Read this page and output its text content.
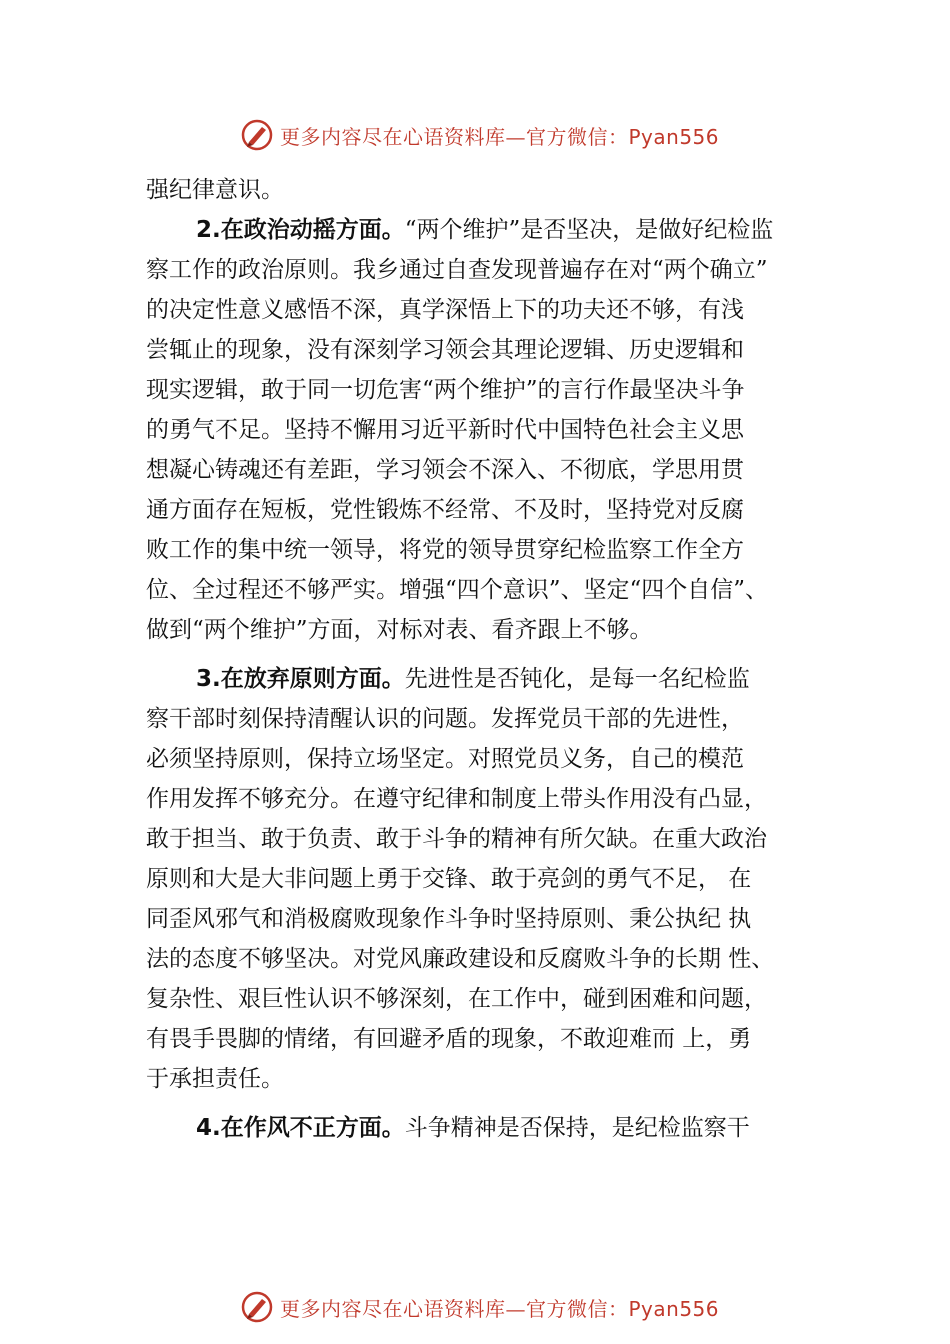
更多内容尽在心语资料库—官方微信：Pyan556
强纪律意识。
2.在政治动摇方面。“两个维护”是否坚决，是做好纪检监
察工作的政治原则。我乡通过自查发现普遍存在对“两个确立”
的决定性意义感悟不深，真学深悟上下的功夫还不够，有浅
尝辄止的现象，没有深刻学习领会其理论逻辑、历史逻辑和
现实逻辑，敢于同一切危害“两个维护”的言行作最坚决斗争
的勇气不足。坚持不懈用习近平新时代中国特色社会主义思
想凝心铸魂还有差距，学习领会不深入、不彻底，学思用贯
通方面存在短板，党性锻炼不经常、不及时，坚持党对反腐
败工作的集中统一领导，将党的领导贯穿纪检监察工作全方
位、全过程还不够严实。增强“四个意识”、坚定“四个自信”、
做到“两个维护”方面，对标对表、看齐跟上不够。
3.在放弃原则方面。先进性是否钝化，是每一名纪检监
察干部时刻保持清醒认识的问题。发挥党员干部的先进性，
必须坚持原则，保持立场坚定。对照党员义务，自己的模范
作用发挥不够充分。在遵守纪律和制度上带头作用没有凸显，
敢于担当、敢于负责、敢于斗争的精神有所欠缺。在重大政治
原则和大是大非问题上勇于交锋、敢于亮剑的勇气不足， 在
同歪风邪气和消极腐败现象作斗争时坚持原则、秉公执纪 执
法的态度不够坚决。对党风廉政建设和反腐败斗争的长期 性、
复杂性、艰巨性认识不够深刻，在工作中，碰到困难和问题，
有畏手畏脚的情绪，有回避矛盾的现象，不敢迎难而 上，勇
于承担责任。
4.在作风不正方面。斗争精神是否保持，是纪检监察干
更多内容尽在心语资料库—官方微信：Pyan556
